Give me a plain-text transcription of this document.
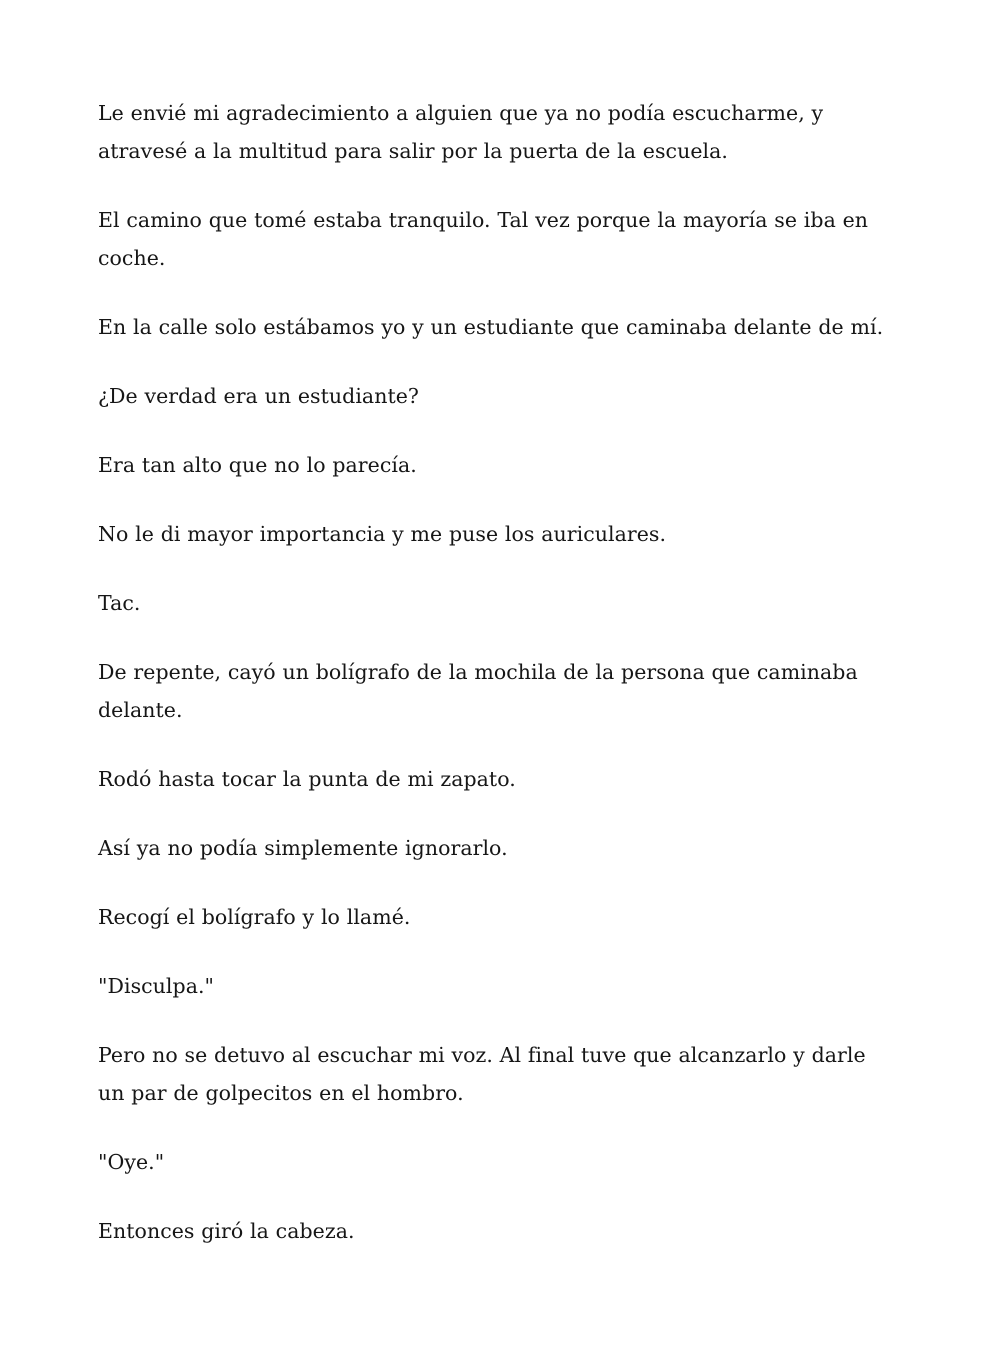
Le envié mi agradecimiento a alguien que ya no podía escucharme, y atravesé a la multitud para salir por la puerta de la escuela.

El camino que tomé estaba tranquilo. Tal vez porque la mayoría se iba en coche.

En la calle solo estábamos yo y un estudiante que caminaba delante de mí.

¿De verdad era un estudiante?

Era tan alto que no lo parecía.

No le di mayor importancia y me puse los auriculares.

Tac.

De repente, cayó un bolígrafo de la mochila de la persona que caminaba delante.

Rodó hasta tocar la punta de mi zapato.

Así ya no podía simplemente ignorarlo.

Recogí el bolígrafo y lo llamé.

"Disculpa."

Pero no se detuvo al escuchar mi voz. Al final tuve que alcanzarlo y darle un par de golpecitos en el hombro.

"Oye."

Entonces giró la cabeza.
